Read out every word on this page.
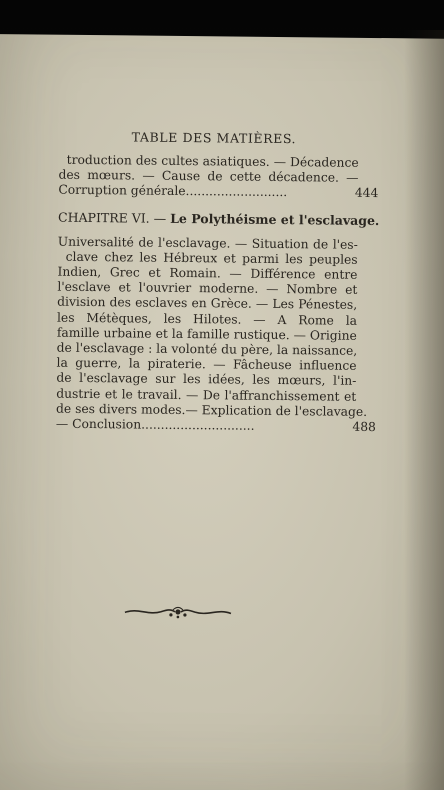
TABLE DES MATIÈRES.
troduction des cultes asiatiques. — Décadence
des mœurs. — Cause de cette décadence. —
Corruption générale..........................	444
CHAPITRE VI. — Le Polythéisme et l'esclavage.
Universalité de l'esclavage. — Situation de l'es-
clave chez les Hébreux et parmi les peuples
Indien, Grec et Romain. — Différence entre
l'esclave et l'ouvrier moderne. — Nombre et
division des esclaves en Grèce. — Les Pénestes,
les Métèques, les Hilotes. — A Rome la
famille urbaine et la famille rustique. — Origine
de l'esclavage : la volonté du père, la naissance,
la guerre, la piraterie. — Fâcheuse influence
de l'esclavage sur les idées, les mœurs, l'in-
dustrie et le travail. — De l'affranchissement et
de ses divers modes.— Explication de l'esclavage.
— Conclusion.............................	488
